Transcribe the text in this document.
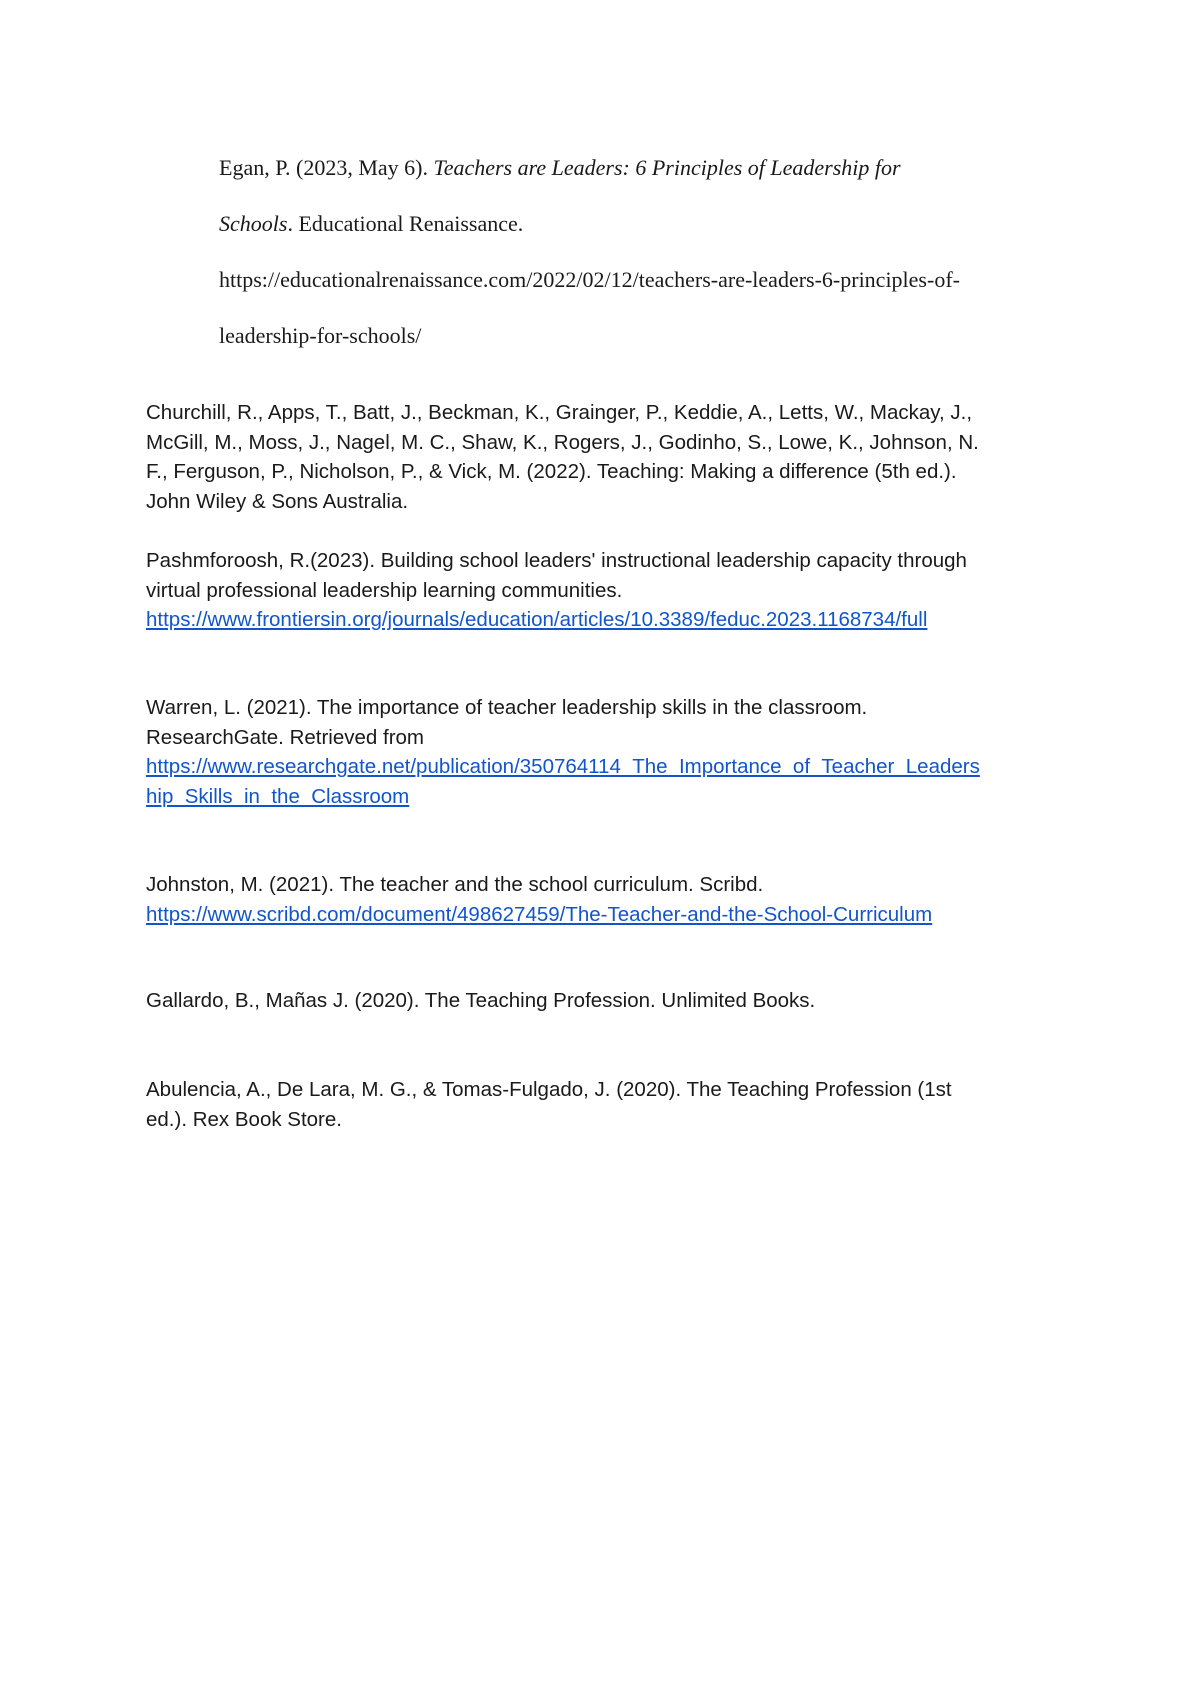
Egan, P. (2023, May 6). Teachers are Leaders: 6 Principles of Leadership for
Schools. Educational Renaissance.
https://educationalrenaissance.com/2022/02/12/teachers-are-leaders-6-principles-of-
leadership-for-schools/
Churchill, R., Apps, T., Batt, J., Beckman, K., Grainger, P., Keddie, A., Letts, W., Mackay, J.,
McGill, M., Moss, J., Nagel, M. C., Shaw, K., Rogers, J., Godinho, S., Lowe, K., Johnson, N.
F., Ferguson, P., Nicholson, P., & Vick, M. (2022). Teaching: Making a difference (5th ed.).
John Wiley & Sons Australia.
Pashmforoosh, R.(2023). Building school leaders' instructional leadership capacity through
virtual professional leadership learning communities.
https://www.frontiersin.org/journals/education/articles/10.3389/feduc.2023.1168734/full
Warren, L. (2021). The importance of teacher leadership skills in the classroom.
ResearchGate. Retrieved from
https://www.researchgate.net/publication/350764114_The_Importance_of_Teacher_Leaders
hip_Skills_in_the_Classroom
Johnston, M. (2021). The teacher and the school curriculum. Scribd.
https://www.scribd.com/document/498627459/The-Teacher-and-the-School-Curriculum
Gallardo, B., Mañas J. (2020). The Teaching Profession. Unlimited Books.
Abulencia, A., De Lara, M. G., & Tomas-Fulgado, J. (2020). The Teaching Profession (1st
ed.). Rex Book Store.
